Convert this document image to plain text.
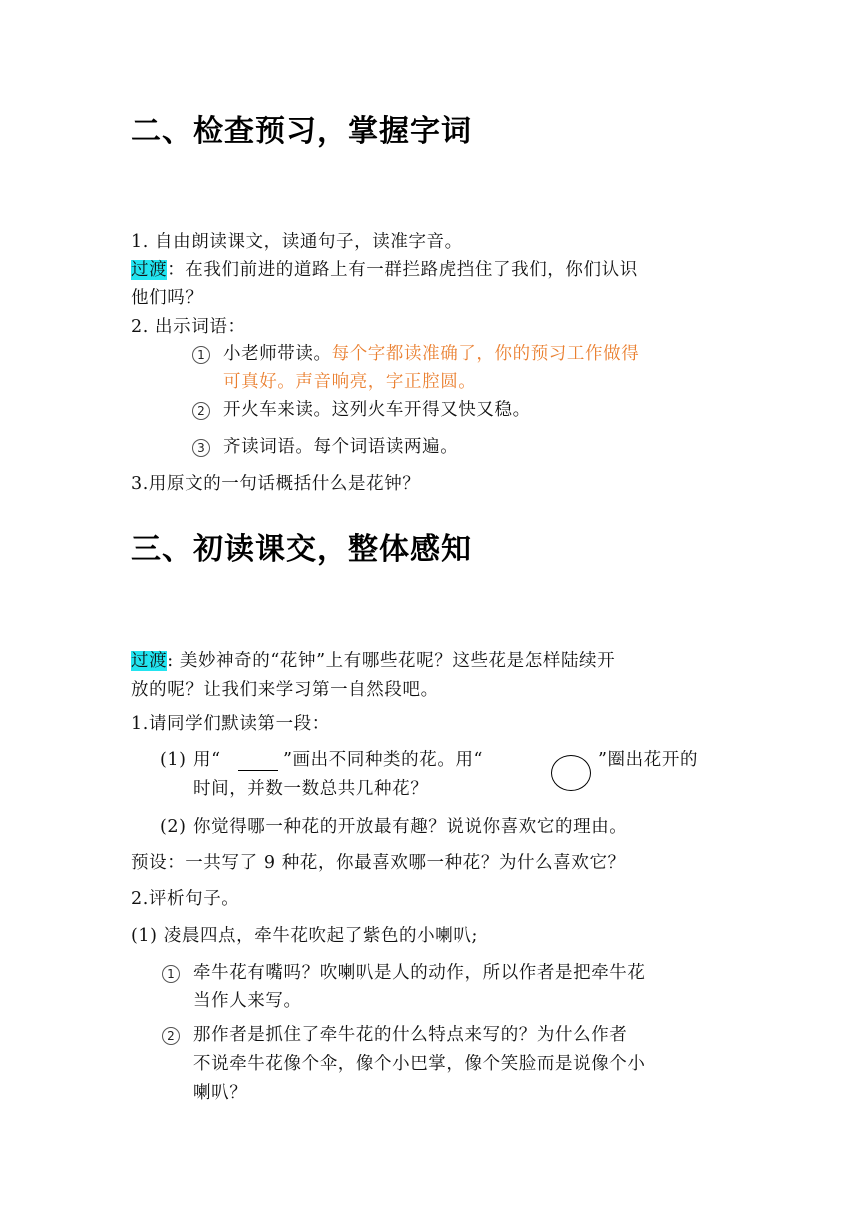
二、检查预习，掌握字词
1. 自由朗读课文，读通句子，读准字音。
过渡：在我们前进的道路上有一群拦路虎挡住了我们，你们认识
他们吗？
2. 出示词语：
1 小老师带读。每个字都读准确了，你的预习工作做得
可真好。声音响亮，字正腔圆。
2 开火车来读。这列火车开得又快又稳。
3 齐读词语。每个词语读两遍。
3.用原文的一句话概括什么是花钟？
三、初读课交，整体感知
过渡: 美妙神奇的“花钟”上有哪些花呢？这些花是怎样陆续开
放的呢？让我们来学习第一自然段吧。
1.请同学们默读第一段：
(1) 用“	”画出不同种类的花。用“	”圈出花开的
时间，并数一数总共几种花？
(2) 你觉得哪一种花的开放最有趣？说说你喜欢它的理由。
预设：一共写了 9 种花，你最喜欢哪一种花？为什么喜欢它？
2.评析句子。
(1) 凌晨四点，牵牛花吹起了紫色的小喇叭;
1 牵牛花有嘴吗？吹喇叭是人的动作，所以作者是把牵牛花
当作人来写。
2 那作者是抓住了牵牛花的什么特点来写的？为什么作者
不说牵牛花像个伞，像个小巴掌，像个笑脸而是说像个小
喇叭？
